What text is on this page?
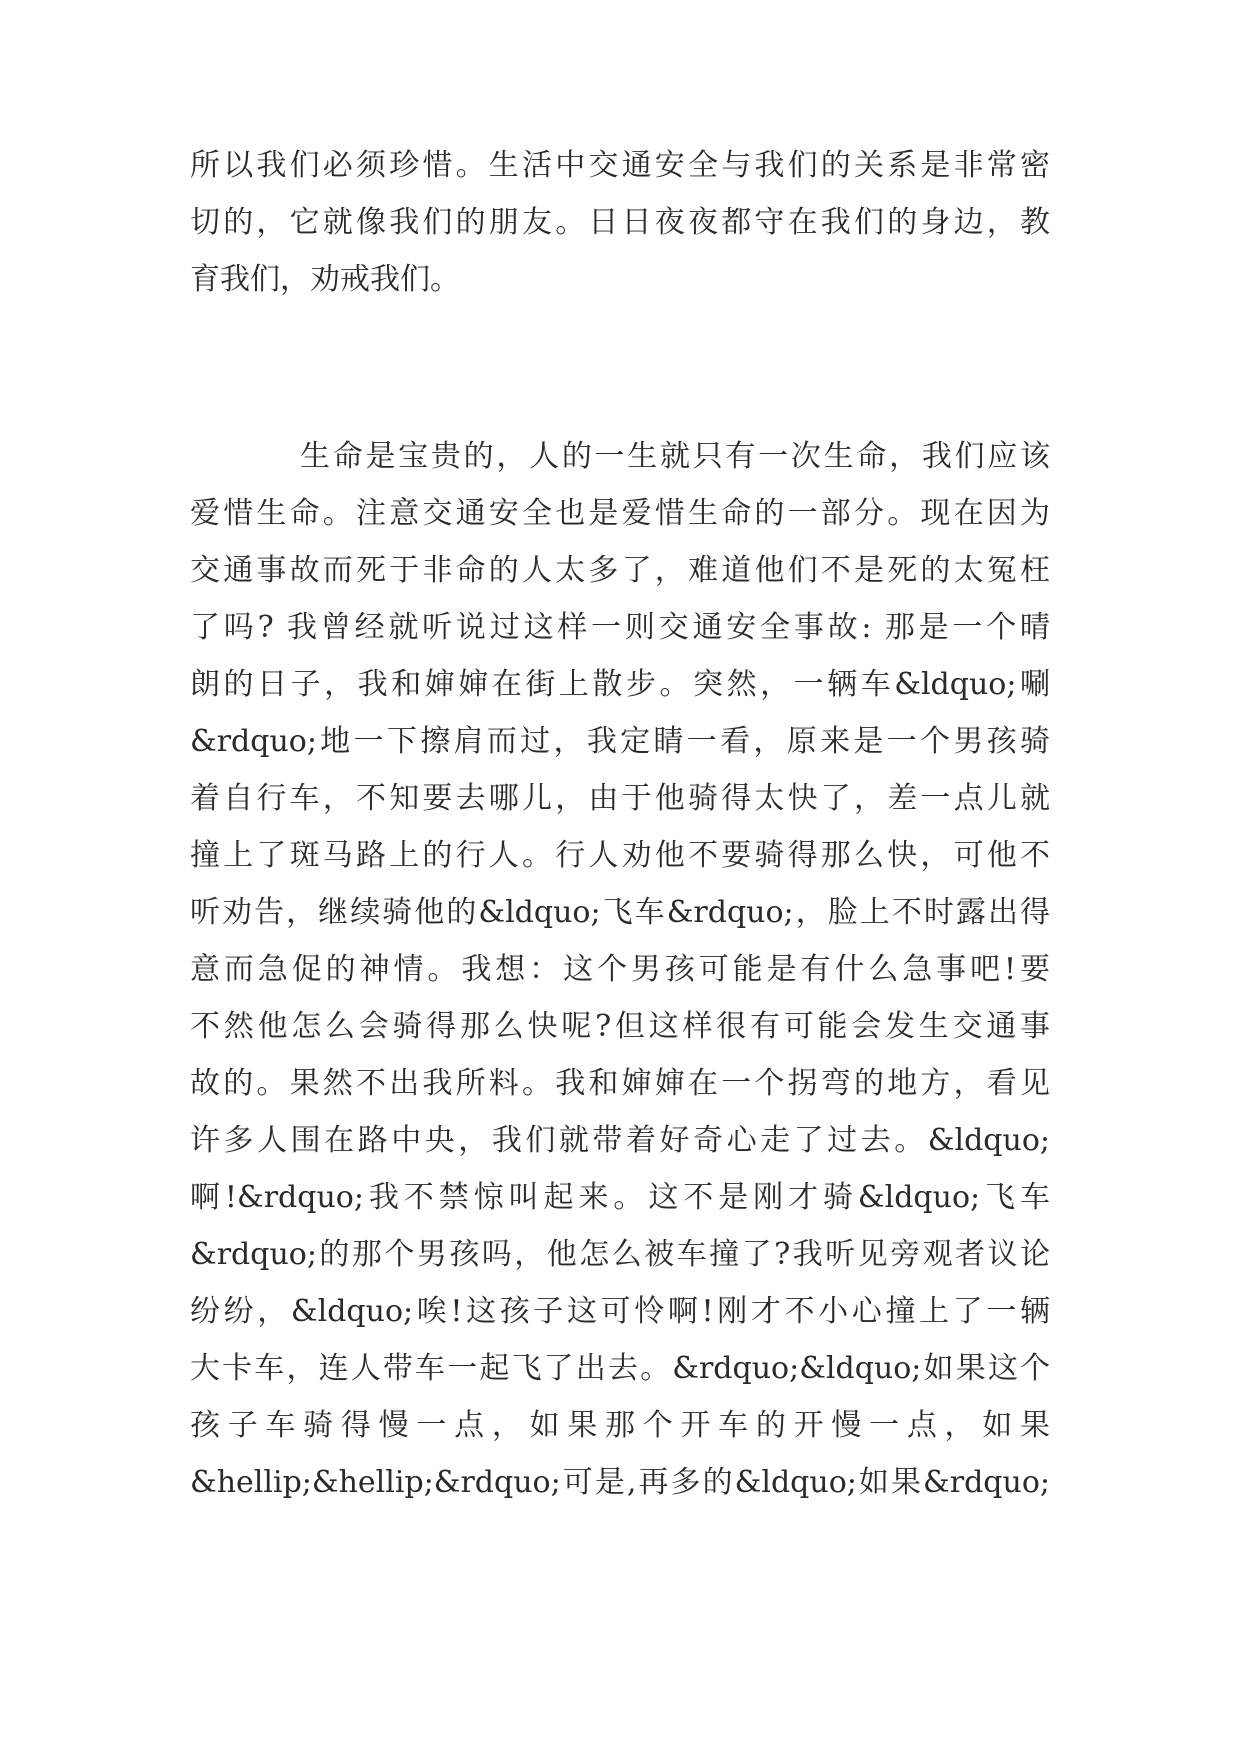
所以我们必须珍惜。生活中交通安全与我们的关系是非常密
切的，它就像我们的朋友。日日夜夜都守在我们的身边，教
育我们，劝戒我们。
生命是宝贵的，人的一生就只有一次生命，我们应该
爱惜生命。注意交通安全也是爱惜生命的一部分。现在因为
交通事故而死于非命的人太多了，难道他们不是死的太冤枉
了吗? 我曾经就听说过这样一则交通安全事故: 那是一个晴
朗的日子，我和婶婶在街上散步。突然，一辆车&ldquo;唰
&rdquo;地一下擦肩而过，我定睛一看，原来是一个男孩骑
着自行车，不知要去哪儿，由于他骑得太快了，差一点儿就
撞上了斑马路上的行人。行人劝他不要骑得那么快，可他不
听劝告，继续骑他的&ldquo;飞车&rdquo;，脸上不时露出得
意而急促的神情。我想：这个男孩可能是有什么急事吧!要
不然他怎么会骑得那么快呢?但这样很有可能会发生交通事
故的。果然不出我所料。我和婶婶在一个拐弯的地方，看见
许多人围在路中央，我们就带着好奇心走了过去。&ldquo;
啊!&rdquo;我不禁惊叫起来。这不是刚才骑&ldquo;飞车
&rdquo;的那个男孩吗，他怎么被车撞了?我听见旁观者议论
纷纷，&ldquo;唉!这孩子这可怜啊!刚才不小心撞上了一辆
大卡车，连人带车一起飞了出去。&rdquo;&ldquo;如果这个
孩子车骑得慢一点，如果那个开车的开慢一点，如果
&hellip;&hellip;&rdquo;可是,再多的&ldquo;如果&rdquo;
